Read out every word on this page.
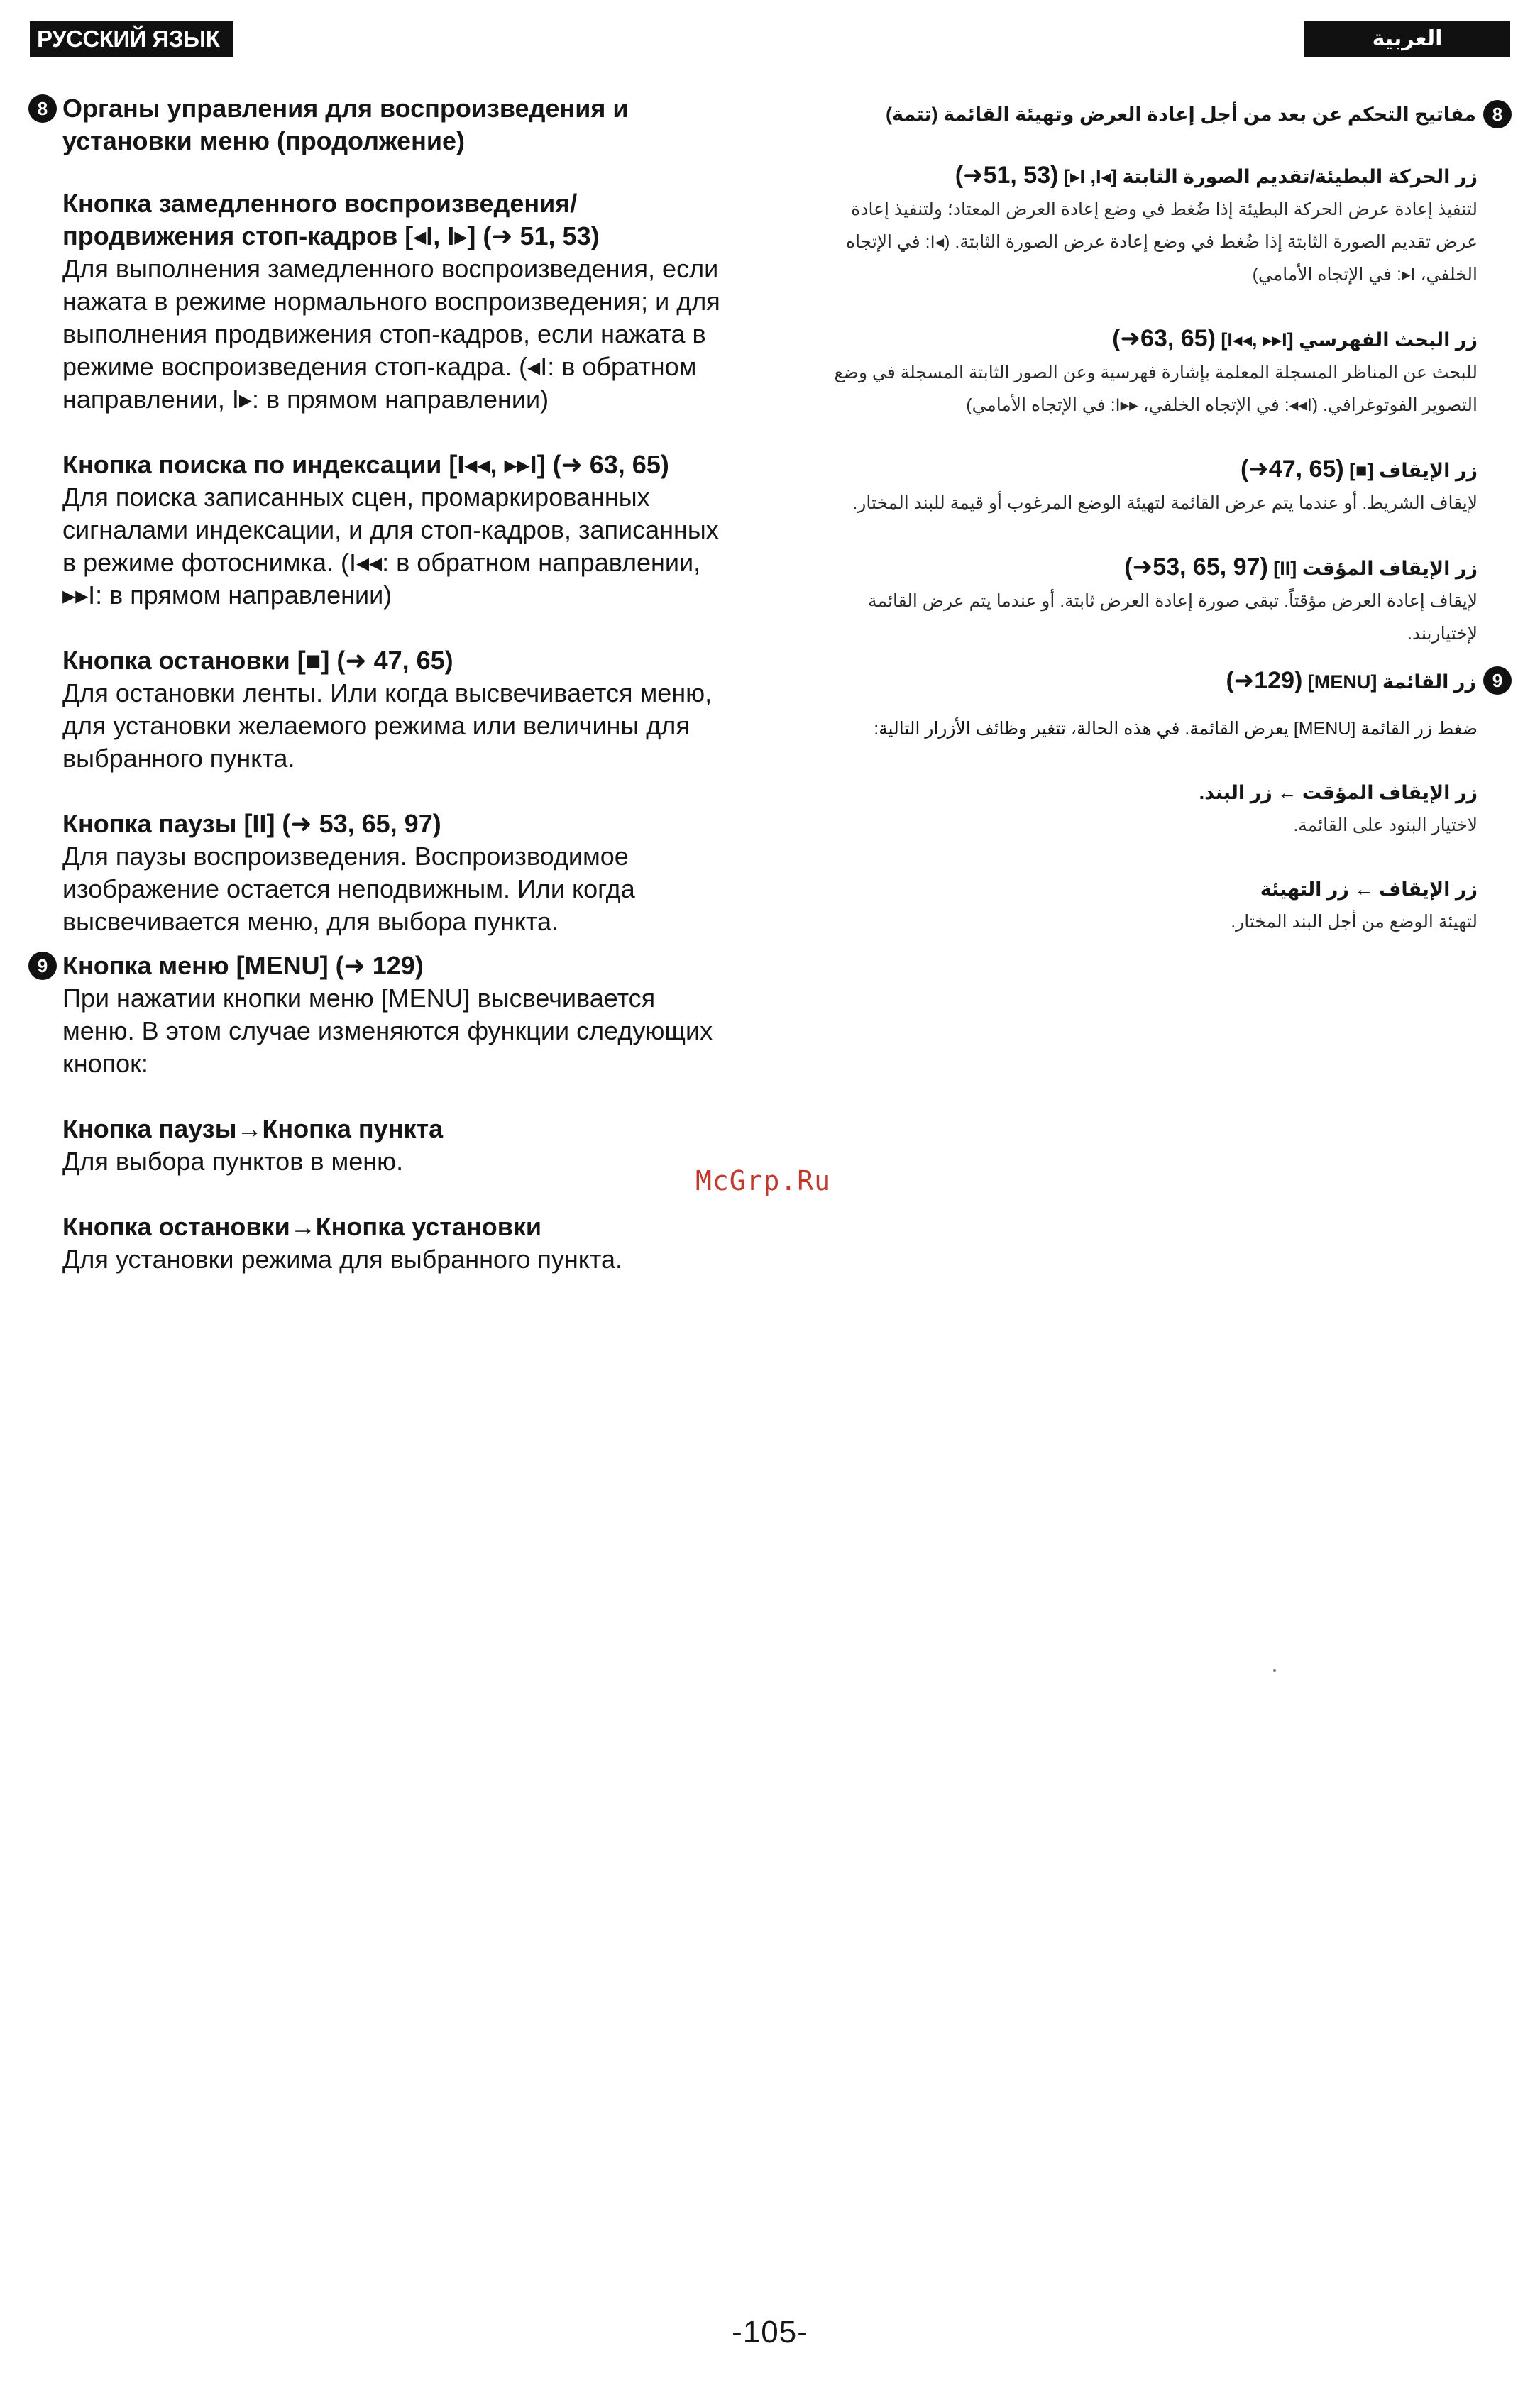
РУССКИЙ ЯЗЫК	العربية
8 Органы управления для воспроизведения и установки меню (продолжение)
Кнопка замедленного воспроизведения/ продвижения стоп-кадров [◂I, I▸] (➜ 51, 53)
Для выполнения замедленного воспроизведения, если нажата в режиме нормального воспроизведения; и для выполнения продвижения стоп-кадров, если нажата в режиме воспроизведения стоп-кадра. (◂I: в обратном направлении, I▸: в прямом направлении)
Кнопка поиска по индексации [I◂◂, ▸▸I] (➜ 63, 65)
Для поиска записанных сцен, промаркированных сигналами индексации, и для стоп-кадров, записанных в режиме фотоснимка. (I◂◂: в обратном направлении, ▸▸I: в прямом направлении)
Кнопка остановки [■] (➜ 47, 65)
Для остановки ленты. Или когда высвечивается меню, для установки желаемого режима или величины для выбранного пункта.
Кнопка паузы [II] (➜ 53, 65, 97)
Для паузы воспроизведения. Воспроизводимое изображение остается неподвижным. Или когда высвечивается меню, для выбора пункта.
9 Кнопка меню [MENU] (➜ 129)
При нажатии кнопки меню [MENU] высвечивается меню. В этом случае изменяются функции следующих кнопок:
Кнопка паузы→Кнопка пункта
Для выбора пунктов в меню.
Кнопка остановки→Кнопка установки
Для установки режима для выбранного пункта.
8
مفاتيح التحكم عن بعد من أجل إعادة العرض وتهيئة القائمة (تتمة)
زر الحركة البطيئة/تقديم الصورة الثابتة [◂I ,I▸] (➜51, 53)
لتنفيذ إعادة عرض الحركة البطيئة إذا ضُغط في وضع إعادة العرض المعتاد؛ ولتنفيذ إعادة عرض تقديم الصورة الثابتة إذا ضُغط في وضع إعادة عرض الصورة الثابتة. (◂I: في الإتجاه الخلفي، I▸: في الإتجاه الأمامي)
زر البحث الفهرسي [I◂◂, ▸▸I] (➜63, 65)
للبحث عن المناظر المسجلة المعلمة بإشارة فهرسية وعن الصور الثابتة المسجلة في وضع التصوير الفوتوغرافي. (I◂◂: في الإتجاه الخلفي، ▸▸I: في الإتجاه الأمامي)
زر الإيقاف [■] (➜47, 65)
لإيقاف الشريط. أو عندما يتم عرض القائمة لتهيئة الوضع المرغوب أو قيمة للبند المختار.
زر الإيقاف المؤقت [II] (➜53, 65, 97)
لإيقاف إعادة العرض مؤقتاً. تبقى صورة إعادة العرض ثابتة. أو عندما يتم عرض القائمة لإختياربند.
9
زر القائمة [MENU] (➜129)
ضغط زر القائمة [MENU] يعرض القائمة. في هذه الحالة، تتغير وظائف الأزرار التالية:
زر الإيقاف المؤقت ← زر البند.
لاختيار البنود على القائمة.
زر الإيقاف ← زر التهيئة
لتهيئة الوضع من أجل البند المختار.
McGrp.Ru
-105-
